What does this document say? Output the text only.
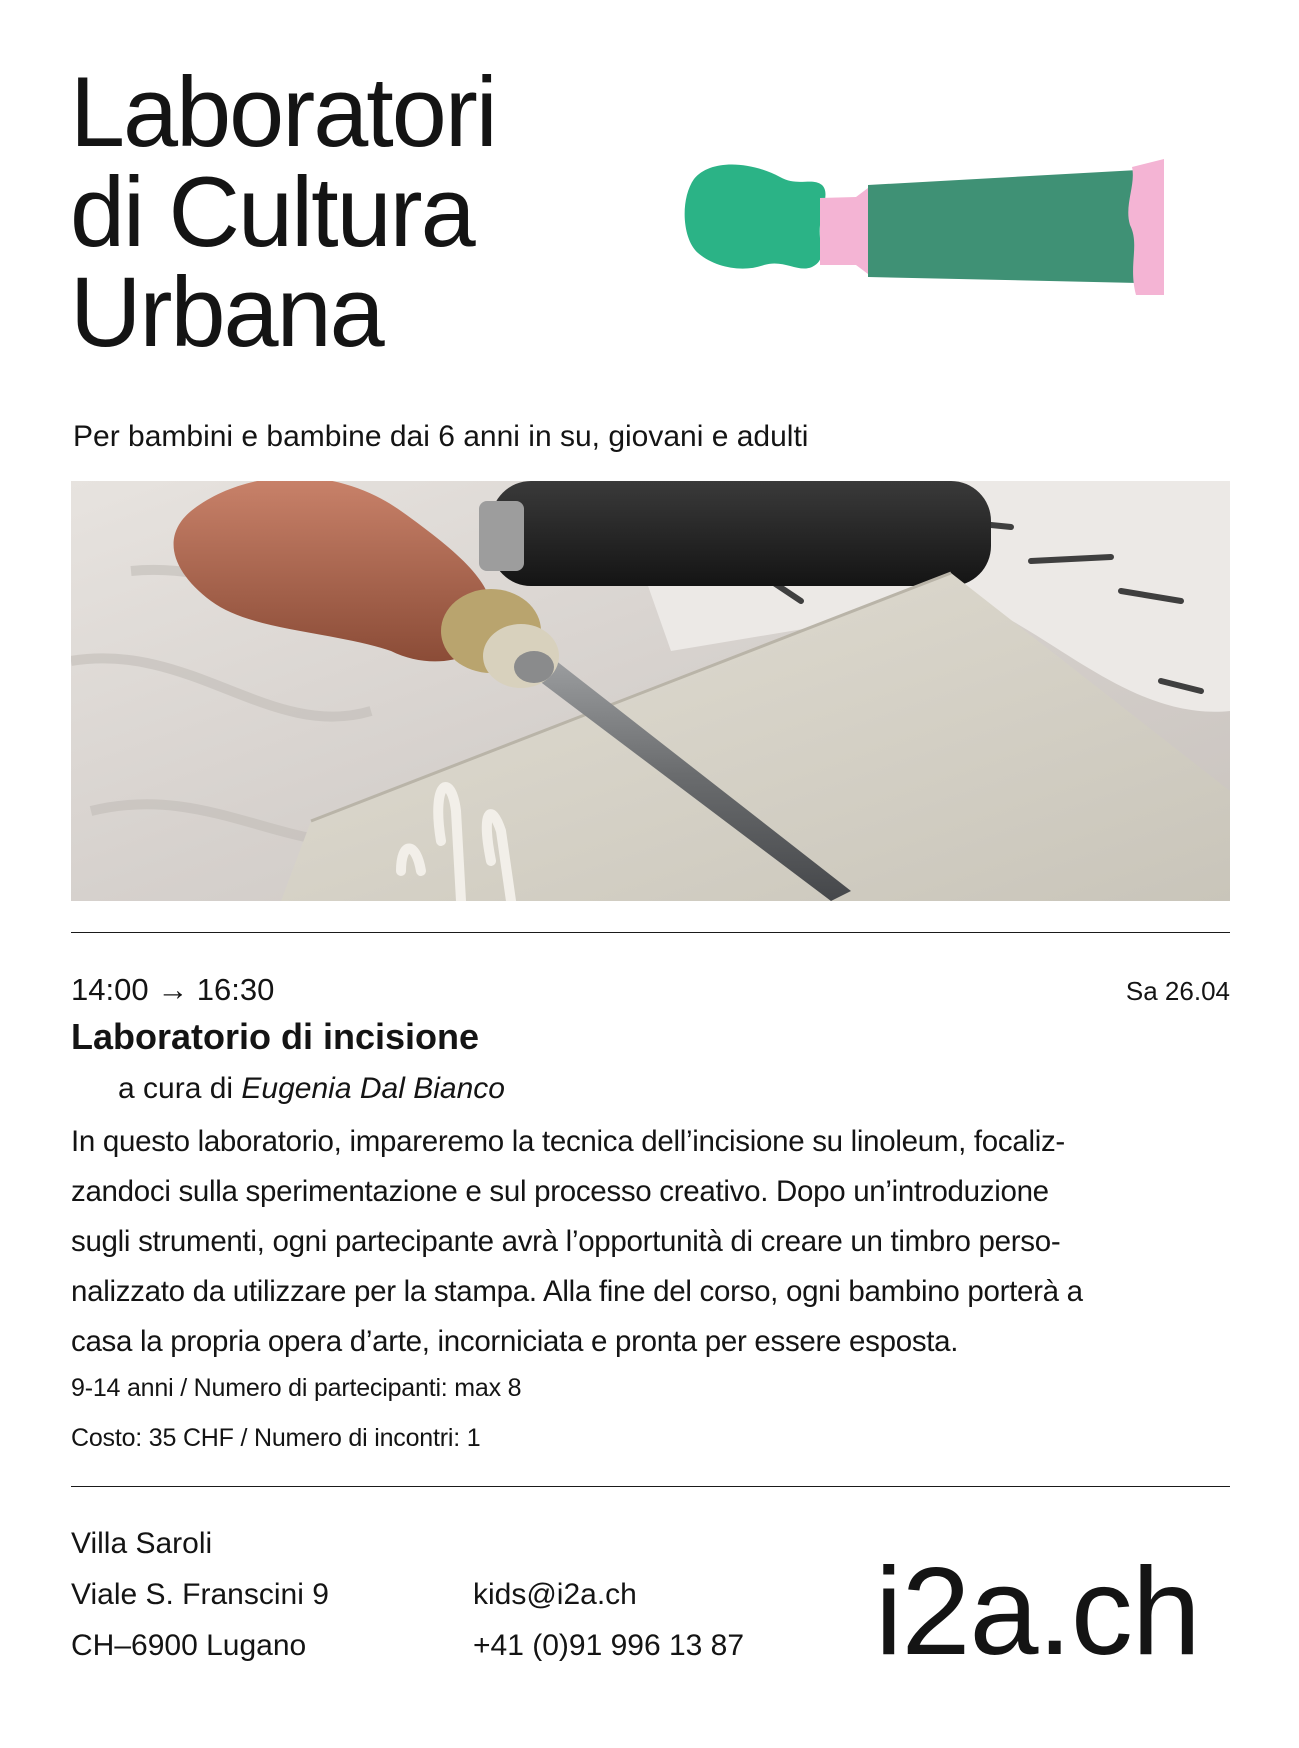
Laboratori
di Cultura
Urbana
Per bambini e bambine dai 6 anni in su, giovani e adulti
14:00 → 16:30	Sa 26.04
Laboratorio di incisione
a cura di Eugenia Dal Bianco
In questo laboratorio, impareremo la tecnica dell’incisione su linoleum, focaliz-
zandoci sulla sperimentazione e sul processo creativo. Dopo un’introduzione
sugli strumenti, ogni partecipante avrà l’opportunità di creare un timbro perso-
nalizzato da utilizzare per la stampa. Alla fine del corso, ogni bambino porterà a
casa la propria opera d’arte, incorniciata e pronta per essere esposta.
9-14 anni / Numero di partecipanti: max 8
Costo: 35 CHF / Numero di incontri: 1
Villa Saroli
Viale S. Franscini 9
CH–6900 Lugano
kids@i2a.ch
+41 (0)91 996 13 87 i2a.ch
